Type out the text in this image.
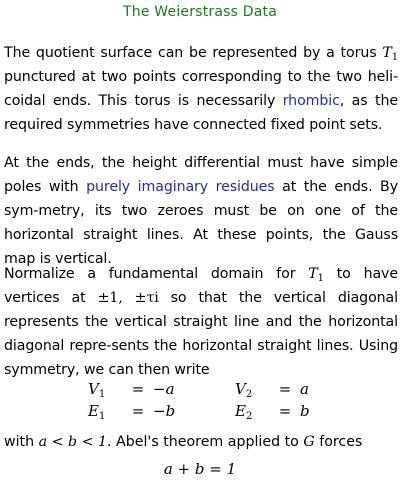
The Weierstrass Data
The quotient surface can be represented by a torus $T_1$ punctured at two points corresponding to the two heli-coidal ends. This torus is necessarily rhombic, as the required symmetries have connected fixed point sets.
At the ends, the height differential must have simple poles with purely imaginary residues at the ends. By sym-metry, its two zeroes must be on one of the horizontal straight lines. At these points, the Gauss map is vertical.
Normalize a fundamental domain for $T_1$ to have vertices at ±1, ±τi so that the vertical diagonal represents the vertical straight line and the horizontal diagonal repre-sents the horizontal straight lines. Using symmetry, we can then write
$V_1$	= −a	$V_2$	= a
$E_1$	= −b	$E_2$	= b
with a < b < 1. Abel's theorem applied to G forces
a + b = 1
